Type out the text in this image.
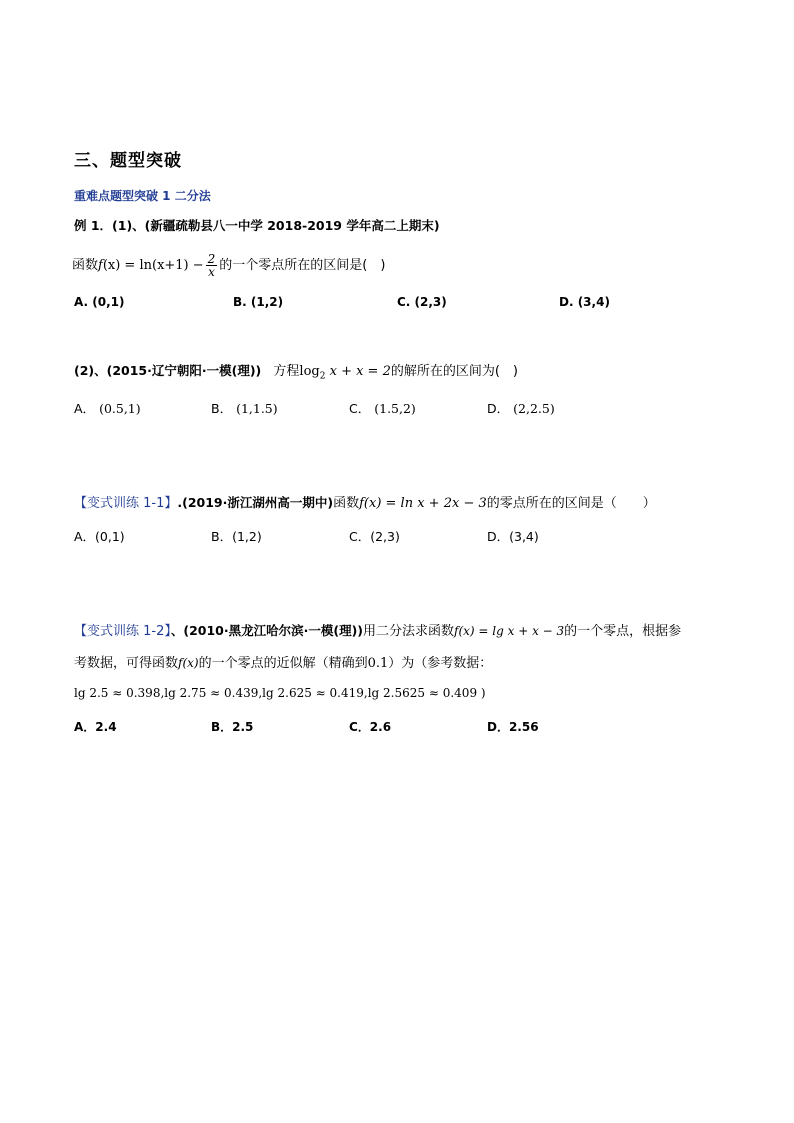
三、题型突破
重难点题型突破 1 二分法
例 1．(1)、(新疆疏勒县八一中学 2018-2019 学年高二上期末)
函数$f(x) = \ln(x+1) - \frac{2}{x}$ 的一个零点所在的区间是(　)
A. (0,1)	B. (1,2)	C. (2,3)	D. (3,4)
(2)、(2015·辽宁朝阳·一模(理)) 方程$\log_2 x + x = 2$的解所在的区间为(　)
A． (0.5,1)	B． (1,1.5)	C． (1.5,2)	D． (2,2.5)
【变式训练 1-1】.(2019·浙江湖州高一期中)函数f(x) = ln x + 2x − 3的零点所在的区间是（　　）
A．(0,1)	B．(1,2)	C．(2,3)	D．(3,4)
【变式训练 1-2】、(2010·黑龙江哈尔滨·一模(理))用二分法求函数f(x) = lg x + x − 3的一个零点，根据参
考数据，可得函数f(x)的一个零点的近似解（精确到0.1）为（参考数据：
lg 2.5 ≈ 0.398,lg 2.75 ≈ 0.439,lg 2.625 ≈ 0.419,lg 2.5625 ≈ 0.409 )
A．2.4	B．2.5	C．2.6	D．2.56
